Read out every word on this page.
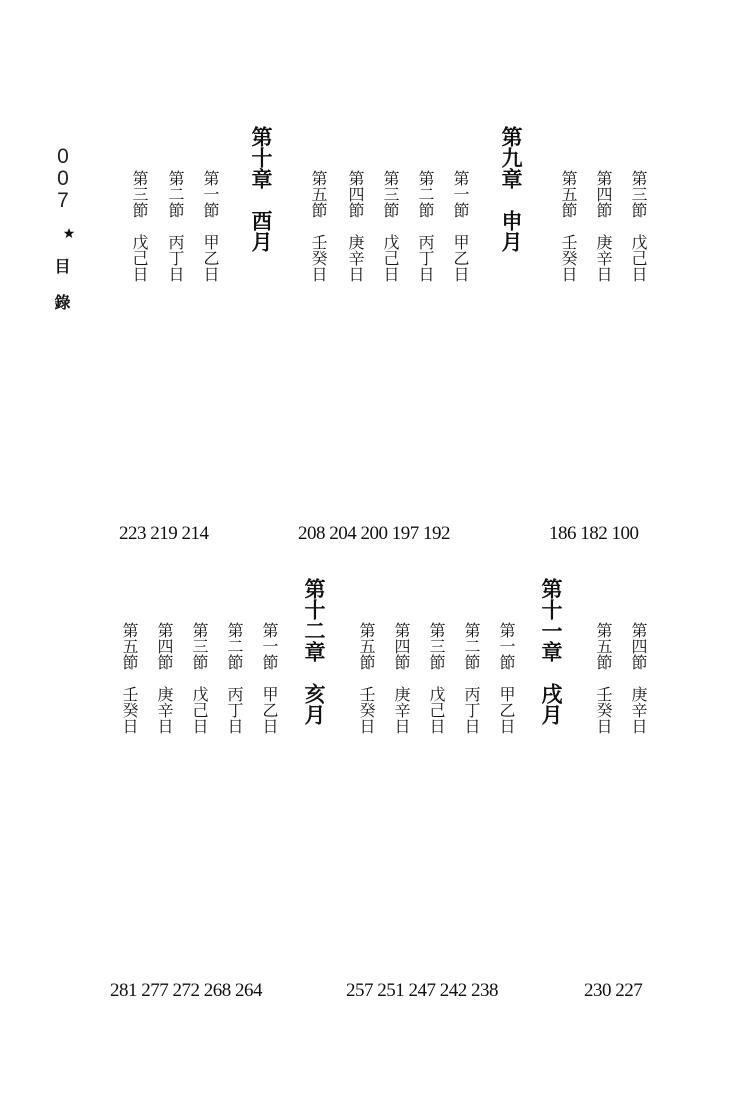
0
0
7
目錄
第三節　戊己日
第四節　庚辛日
第五節　壬癸日
第九章　申月
第一節　甲乙日
第二節　丙丁日
第三節　戊己日
第四節　庚辛日
第五節　壬癸日
第十章　酉月
第一節　甲乙日
第二節　丙丁日
第三節　戊己日
186 182 100
208 204 200 197 192
223 219 214
第四節　庚辛日
第五節　壬癸日
第十一章　戌月
第一節　甲乙日
第二節　丙丁日
第三節　戊己日
第四節　庚辛日
第五節　壬癸日
第十二章　亥月
第一節　甲乙日
第二節　丙丁日
第三節　戊己日
第四節　庚辛日
第五節　壬癸日
230 227
257 251 247 242 238
281 277 272 268 264
